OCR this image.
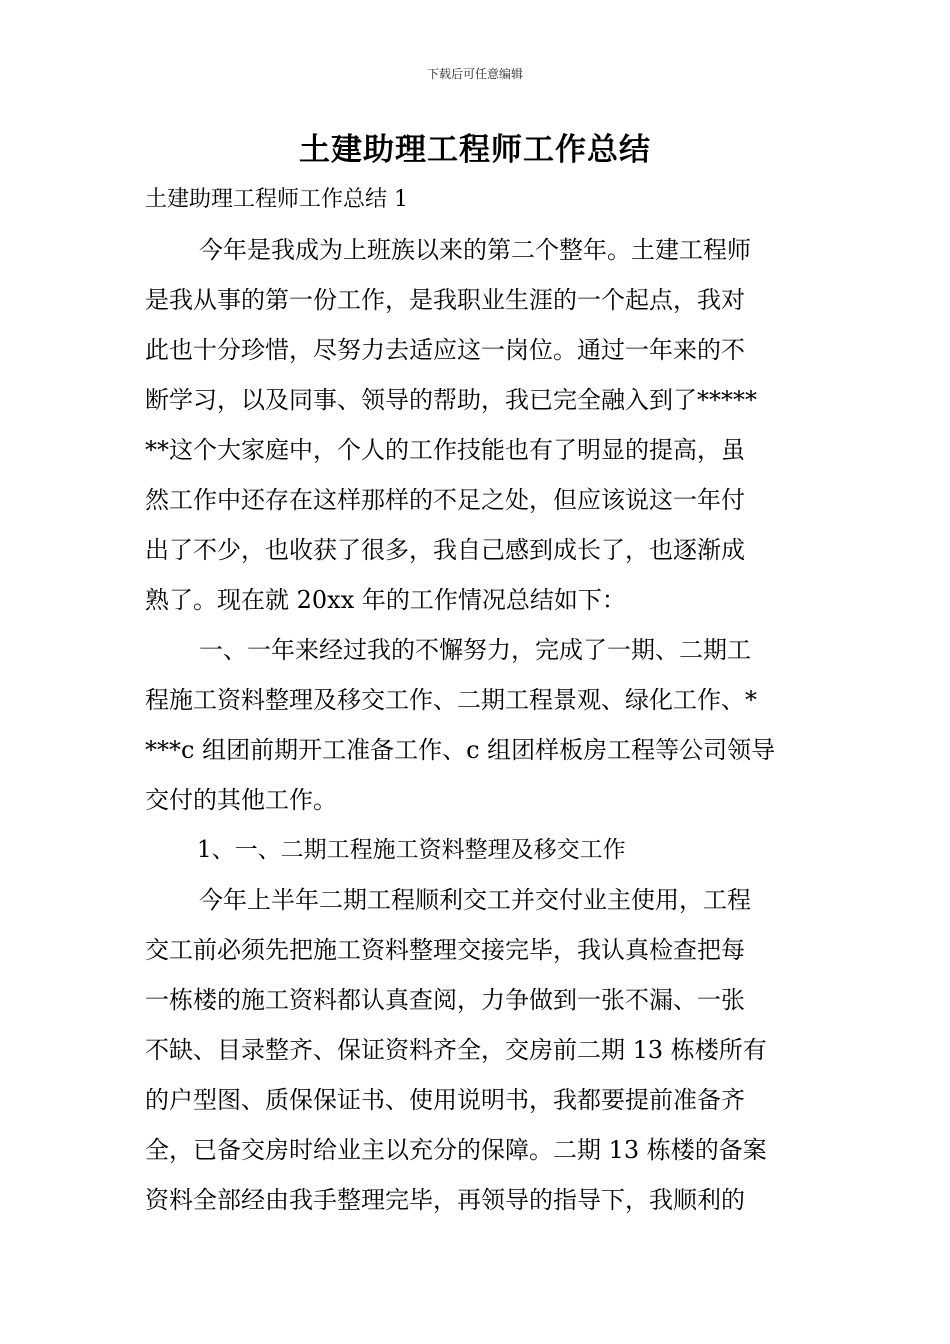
下载后可任意编辑
土建助理工程师工作总结
土建助理工程师工作总结 1
今年是我成为上班族以来的第二个整年。土建工程师
是我从事的第一份工作，是我职业生涯的一个起点，我对
此也十分珍惜，尽努力去适应这一岗位。通过一年来的不
断学习，以及同事、领导的帮助，我已完全融入到了*****
**这个大家庭中，个人的工作技能也有了明显的提高，虽
然工作中还存在这样那样的不足之处，但应该说这一年付
出了不少，也收获了很多，我自己感到成长了，也逐渐成
熟了。现在就 20xx 年的工作情况总结如下：
一、一年来经过我的不懈努力，完成了一期、二期工
程施工资料整理及移交工作、二期工程景观、绿化工作、*
***c 组团前期开工准备工作、c 组团样板房工程等公司领导
交付的其他工作。
1、一、二期工程施工资料整理及移交工作
今年上半年二期工程顺利交工并交付业主使用，工程
交工前必须先把施工资料整理交接完毕，我认真检查把每
一栋楼的施工资料都认真查阅，力争做到一张不漏、一张
不缺、目录整齐、保证资料齐全，交房前二期 13 栋楼所有
的户型图、质保保证书、使用说明书，我都要提前准备齐
全，已备交房时给业主以充分的保障。二期 13 栋楼的备案
资料全部经由我手整理完毕，再领导的指导下，我顺利的
